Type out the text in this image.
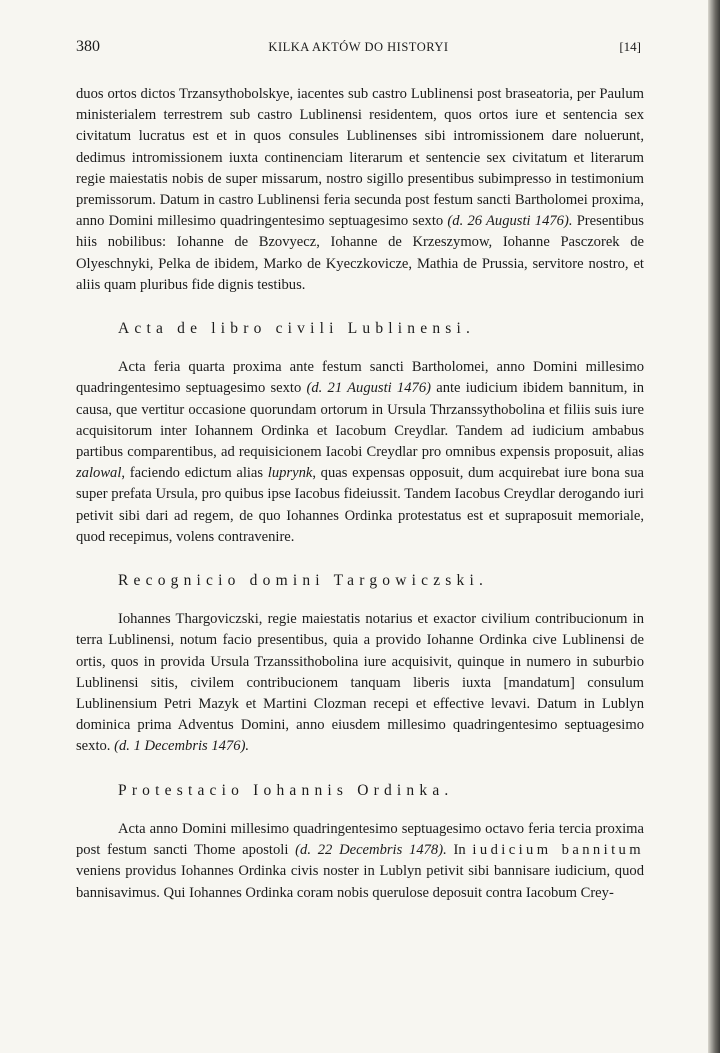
380	KILKA AKTÓW DO HISTORYI	[14]

duos ortos dictos Trzansythobolskye, iacentes sub castro Lublinensi post braseatoria, per Paulum ministerialem terrestrem sub castro Lublinensi residentem, quos ortos iure et sentencia sex civitatum lucratus est et in quos consules Lublinenses sibi intromissionem dare noluerunt, dedimus intromissionem iuxta continenciam literarum et sentencie sex civitatum et literarum regie maiestatis nobis de super missarum, nostro sigillo presentibus subimpresso in testimonium premissorum. Datum in castro Lublinensi feria secunda post festum sancti Bartholomei proxima, anno Domini millesimo quadringentesimo septuagesimo sexto (d. 26 Augusti 1476). Presentibus hiis nobilibus: Iohanne de Bzovyecz, Iohanne de Krzeszymow, Iohanne Pasczorek de Olyeschnyki, Pelka de ibidem, Marko de Kyeczkovicze, Mathia de Prussia, servitore nostro, et aliis quam pluribus fide dignis testibus.

Acta de libro civili Lublinensi.

Acta feria quarta proxima ante festum sancti Bartholomei, anno Domini millesimo quadringentesimo septuagesimo sexto (d. 21 Augusti 1476) ante iudicium ibidem bannitum, in causa, que vertitur occasione quorundam ortorum in Ursula Thrzanssythobolina et filiis suis iure acquisitorum inter Iohannem Ordinka et Iacobum Creydlar. Tandem ad iudicium ambabus partibus comparentibus, ad requisicionem Iacobi Creydlar pro omnibus expensis proposuit, alias zalowal, faciendo edictum alias luprynk, quas expensas opposuit, dum acquirebat iure bona sua super prefata Ursula, pro quibus ipse Iacobus fideiussit. Tandem Iacobus Creydlar derogando iuri petivit sibi dari ad regem, de quo Iohannes Ordinka protestatus est et supraposuit memoriale, quod recepimus, volens contravenire.

Recognicio domini Targowiczski.

Iohannes Thargoviczski, regie maiestatis notarius et exactor civilium contribucionum in terra Lublinensi, notum facio presentibus, quia a provido Iohanne Ordinka cive Lublinensi de ortis, quos in provida Ursula Trzanssithobolina iure acquisivit, quinque in numero in suburbio Lublinensi sitis, civilem contribucionem tanquam liberis iuxta [mandatum] consulum Lublinensium Petri Mazyk et Martini Clozman recepi et effective levavi. Datum in Lublyn dominica prima Adventus Domini, anno eiusdem millesimo quadringentesimo septuagesimo sexto. (d. 1 Decembris 1476).

Protestacio Iohannis Ordinka.

Acta anno Domini millesimo quadringentesimo septuagesimo octavo feria tercia proxima post festum sancti Thome apostoli (d. 22 Decembris 1478). In iudicium bannitum veniens providus Iohannes Ordinka civis noster in Lublyn petivit sibi bannisare iudicium, quod bannisavimus. Qui Iohannes Ordinka coram nobis querulose deposuit contra Iacobum Crey-
